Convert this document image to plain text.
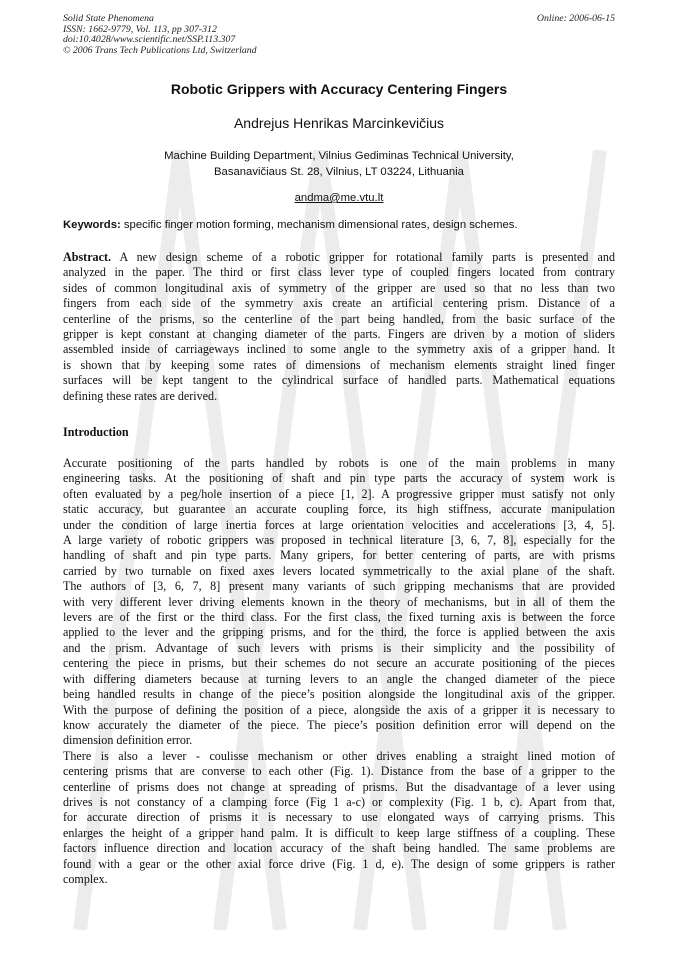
Solid State Phenomena
ISSN: 1662-9779, Vol. 113, pp 307-312
doi:10.4028/www.scientific.net/SSP.113.307
© 2006 Trans Tech Publications Ltd, Switzerland
Online: 2006-06-15
Robotic Grippers with Accuracy Centering Fingers
Andrejus Henrikas Marcinkevičius
Machine Building Department, Vilnius Gediminas Technical University,
Basanavičiaus St. 28, Vilnius, LT 03224, Lithuania
andma@me.vtu.lt
Keywords: specific finger motion forming, mechanism dimensional rates, design schemes.
Abstract. A new design scheme of a robotic gripper for rotational family parts is presented and
analyzed in the paper. The third or first class lever type of coupled fingers located from contrary
sides of common longitudinal axis of symmetry of the gripper are used so that no less than two
fingers from each side of the symmetry axis create an artificial centering prism. Distance of a
centerline of the prisms, so the centerline of the part being handled, from the basic surface of the
gripper is kept constant at changing diameter of the parts. Fingers are driven by a motion of sliders
assembled inside of carriageways inclined to some angle to the symmetry axis of a gripper hand. It
is shown that by keeping some rates of dimensions of mechanism elements straight lined finger
surfaces will be kept tangent to the cylindrical surface of handled parts. Mathematical equations
defining these rates are derived.
Introduction
Accurate positioning of the parts handled by robots is one of the main problems in many
engineering tasks. At the positioning of shaft and pin type parts the accuracy of system work is
often evaluated by a peg/hole insertion of a piece [1, 2]. A progressive gripper must satisfy not only
static accuracy, but guarantee an accurate coupling force, its high stiffness, accurate manipulation
under the condition of large inertia forces at large orientation velocities and accelerations [3, 4, 5].
A large variety of robotic grippers was proposed in technical literature [3, 6, 7, 8], especially for the
handling of shaft and pin type parts. Many gripers, for better centering of parts, are with prisms
carried by two turnable on fixed axes levers located symmetrically to the axial plane of the shaft.
The authors of [3, 6, 7, 8] present many variants of such gripping mechanisms that are provided
with very different lever driving elements known in the theory of mechanisms, but in all of them the
levers are of the first or the third class. For the first class, the fixed turning axis is between the force
applied to the lever and the gripping prisms, and for the third, the force is applied between the axis
and the prism. Advantage of such levers with prisms is their simplicity and the possibility of
centering the piece in prisms, but their schemes do not secure an accurate positioning of the pieces
with differing diameters because at turning levers to an angle the changed diameter of the piece
being handled results in change of the piece’s position alongside the longitudinal axis of the gripper.
With the purpose of defining the position of a piece, alongside the axis of a gripper it is necessary to
know accurately the diameter of the piece. The piece’s position definition error will depend on the
dimension definition error.
There is also a lever - coulisse mechanism or other drives enabling a straight lined motion of
centering prisms that are converse to each other (Fig. 1). Distance from the base of a gripper to the
centerline of prisms does not change at spreading of prisms. But the disadvantage of a lever using
drives is not constancy of a clamping force (Fig 1 a-c) or complexity (Fig. 1 b, c). Apart from that,
for accurate direction of prisms it is necessary to use elongated ways of carrying prisms. This
enlarges the height of a gripper hand palm. It is difficult to keep large stiffness of a coupling. These
factors influence direction and location accuracy of the shaft being handled. The same problems are
found with a gear or the other axial force drive (Fig. 1 d, e). The design of some grippers is rather
complex.
